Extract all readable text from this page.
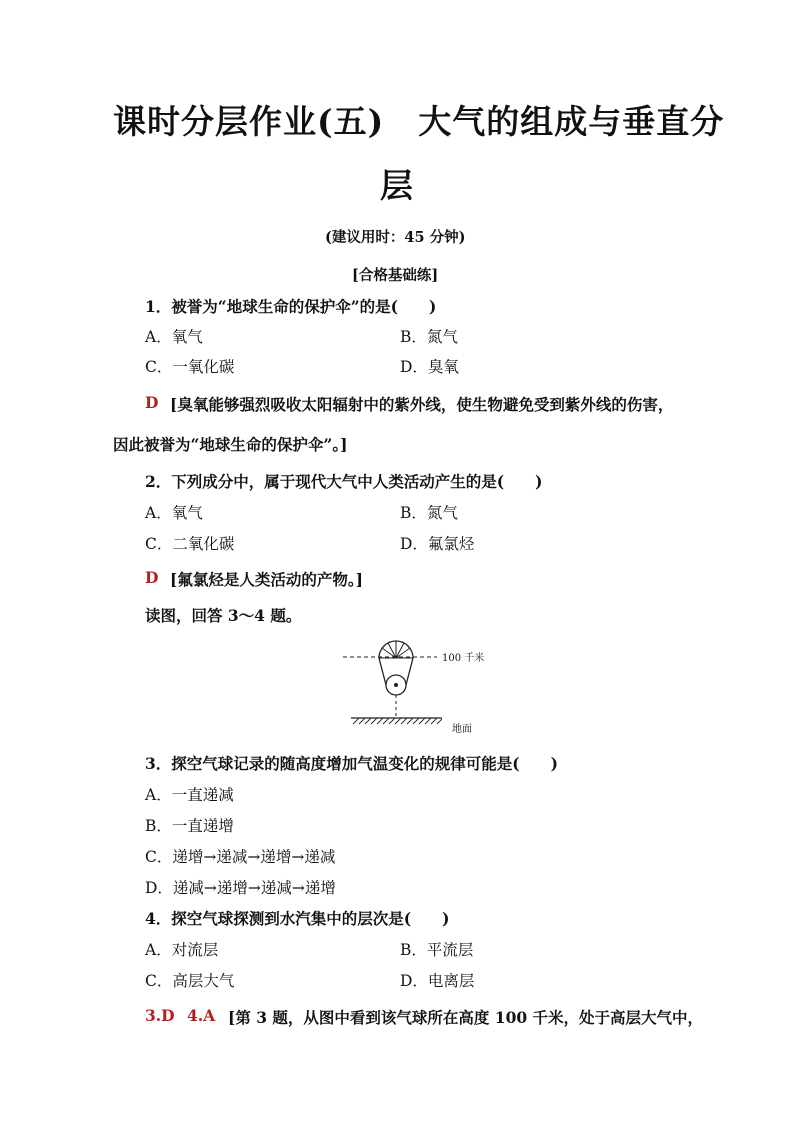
课时分层作业(五)　大气的组成与垂直分
层
(建议用时：45 分钟)
[合格基础练]
1．被誉为“地球生命的保护伞”的是(　　)
A．氧气	B．氮气
C．一氧化碳	D．臭氧
D [臭氧能够强烈吸收太阳辐射中的紫外线，使生物避免受到紫外线的伤害，
因此被誉为“地球生命的保护伞”。]
2．下列成分中，属于现代大气中人类活动产生的是(　　)
A．氧气	B．氮气
C．二氧化碳	D．氟氯烃
D [氟氯烃是人类活动的产物。]
读图，回答 3～4 题。
100 千米
地面
3．探空气球记录的随高度增加气温变化的规律可能是(　　)
A．一直递减
B．一直递增
C．递增→递减→递增→递减
D．递减→递增→递减→递增
4．探空气球探测到水汽集中的层次是(　　)
A．对流层	B．平流层
C．高层大气	D．电离层
3.D 4.A [第 3 题，从图中看到该气球所在高度 100 千米，处于高层大气中，
